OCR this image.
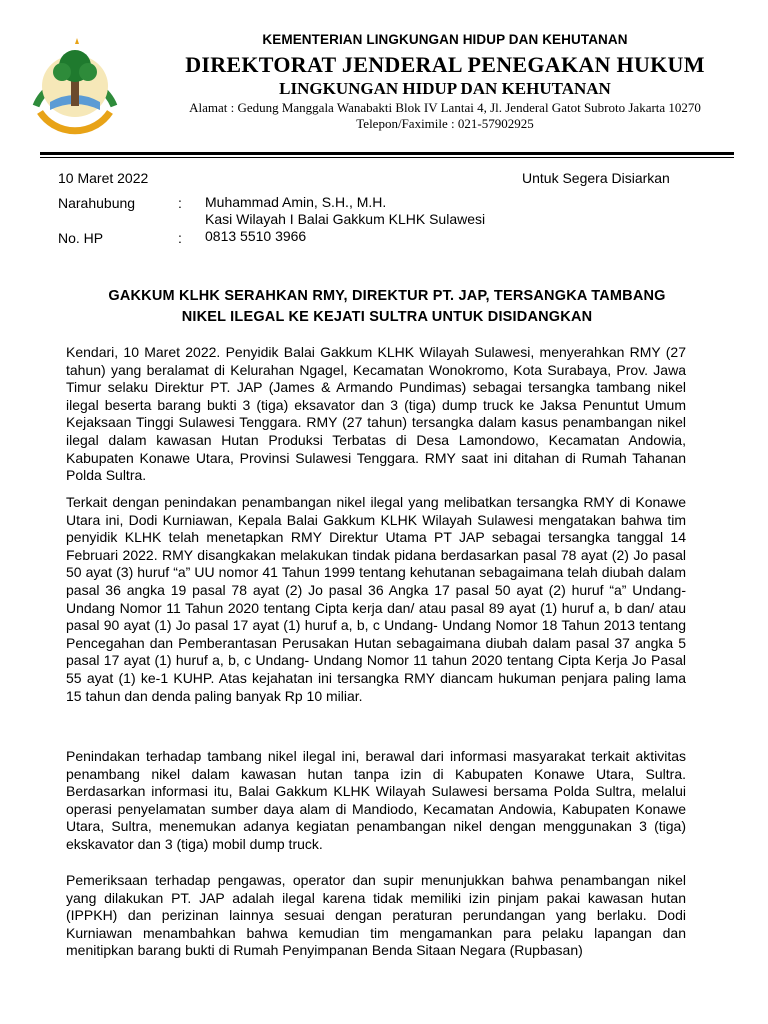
KEMENTERIAN LINGKUNGAN HIDUP DAN KEHUTANAN
DIREKTORAT JENDERAL PENEGAKAN HUKUM
LINGKUNGAN HIDUP DAN KEHUTANAN
Alamat : Gedung Manggala Wanabakti Blok IV Lantai 4, Jl. Jenderal Gatot Subroto Jakarta 10270
Telepon/Faximile : 021-57902925
10 Maret 2022	Untuk Segera Disiarkan
Narahubung	: Muhammad Amin, S.H., M.H.
Kasi Wilayah I Balai Gakkum KLHK Sulawesi
No. HP	: 0813 5510 3966
GAKKUM KLHK SERAHKAN RMY, DIREKTUR PT. JAP, TERSANGKA TAMBANG
NIKEL ILEGAL KE KEJATI SULTRA UNTUK DISIDANGKAN

Kendari, 10 Maret 2022. Penyidik Balai Gakkum KLHK Wilayah Sulawesi, menyerahkan RMY (27 tahun) yang beralamat di Kelurahan Ngagel, Kecamatan Wonokromo, Kota Surabaya, Prov. Jawa Timur selaku Direktur PT. JAP (James & Armando Pundimas) sebagai tersangka tambang nikel ilegal beserta barang bukti 3 (tiga) eksavator dan 3 (tiga) dump truck ke Jaksa Penuntut Umum Kejaksaan Tinggi Sulawesi Tenggara. RMY (27 tahun) tersangka dalam kasus penambangan nikel ilegal dalam kawasan Hutan Produksi Terbatas di Desa Lamondowo, Kecamatan Andowia, Kabupaten Konawe Utara, Provinsi Sulawesi Tenggara. RMY saat ini ditahan di Rumah Tahanan Polda Sultra.

Terkait dengan penindakan penambangan nikel ilegal yang melibatkan tersangka RMY di Konawe Utara ini, Dodi Kurniawan, Kepala Balai Gakkum KLHK Wilayah Sulawesi mengatakan bahwa tim penyidik KLHK telah menetapkan RMY Direktur Utama PT JAP sebagai tersangka tanggal 14 Februari 2022. RMY disangkakan melakukan tindak pidana berdasarkan pasal 78 ayat (2) Jo pasal 50 ayat (3) huruf “a” UU nomor 41 Tahun 1999 tentang kehutanan sebagaimana telah diubah dalam pasal 36 angka 19 pasal 78 ayat (2) Jo pasal 36 Angka 17 pasal 50 ayat (2) huruf “a” Undang-Undang Nomor 11 Tahun 2020 tentang Cipta kerja dan/ atau pasal 89 ayat (1) huruf a, b dan/ atau pasal 90 ayat (1) Jo pasal 17 ayat (1) huruf a, b, c Undang- Undang Nomor 18 Tahun 2013 tentang Pencegahan dan Pemberantasan Perusakan Hutan sebagaimana diubah dalam pasal 37 angka 5 pasal 17 ayat (1) huruf a, b, c Undang- Undang Nomor 11 tahun 2020 tentang Cipta Kerja Jo Pasal 55 ayat (1) ke-1 KUHP. Atas kejahatan ini tersangka RMY diancam hukuman penjara paling lama 15 tahun dan denda paling banyak Rp 10 miliar.

Penindakan terhadap tambang nikel ilegal ini, berawal dari informasi masyarakat terkait aktivitas penambang nikel dalam kawasan hutan tanpa izin di Kabupaten Konawe Utara, Sultra. Berdasarkan informasi itu, Balai Gakkum KLHK Wilayah Sulawesi bersama Polda Sultra, melalui operasi penyelamatan sumber daya alam di Mandiodo, Kecamatan Andowia, Kabupaten Konawe Utara, Sultra, menemukan adanya kegiatan penambangan nikel dengan menggunakan 3 (tiga) ekskavator dan 3 (tiga) mobil dump truck.

Pemeriksaan terhadap pengawas, operator dan supir menunjukkan bahwa penambangan nikel yang dilakukan PT. JAP adalah ilegal karena tidak memiliki izin pinjam pakai kawasan hutan (IPPKH) dan perizinan lainnya sesuai dengan peraturan perundangan yang berlaku. Dodi Kurniawan menambahkan bahwa kemudian tim mengamankan para pelaku lapangan dan menitipkan barang bukti di Rumah Penyimpanan Benda Sitaan Negara (Rupbasan)
